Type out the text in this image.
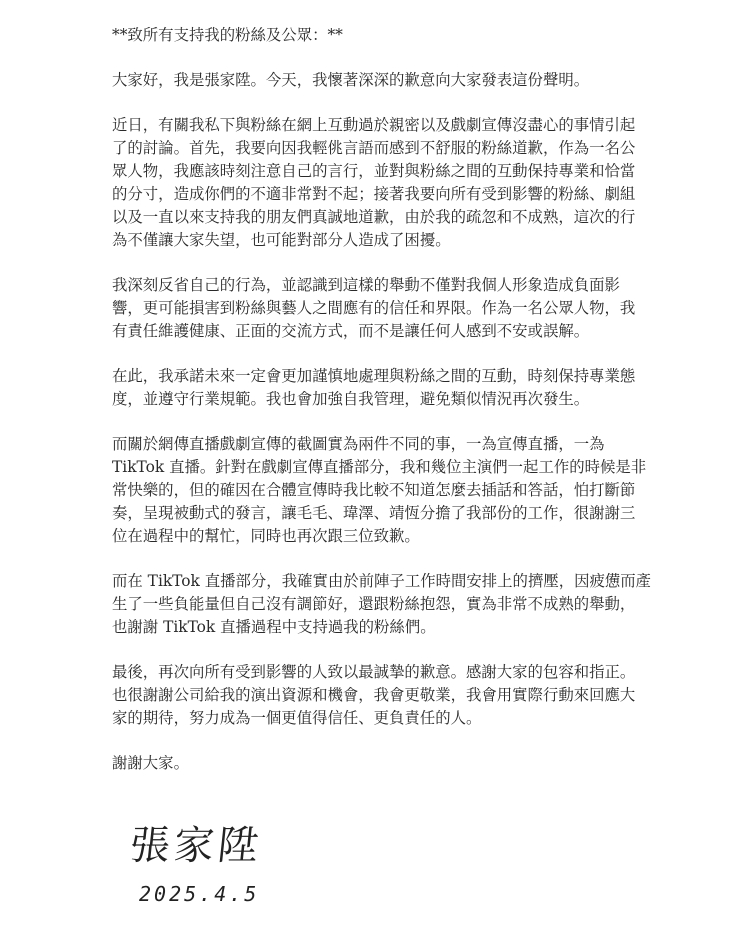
**致所有支持我的粉絲及公眾：**
大家好，我是張家陞。今天，我懷著深深的歉意向大家發表這份聲明。
近日，有關我私下與粉絲在網上互動過於親密以及戲劇宣傳沒盡心的事情引起
了的討論。首先，我要向因我輕佻言語而感到不舒服的粉絲道歉，作為一名公
眾人物，我應該時刻注意自己的言行，並對與粉絲之間的互動保持專業和恰當
的分寸，造成你們的不適非常對不起；接著我要向所有受到影響的粉絲、劇組
以及一直以來支持我的朋友們真誠地道歉，由於我的疏忽和不成熟，這次的行
為不僅讓大家失望，也可能對部分人造成了困擾。
我深刻反省自己的行為，並認識到這樣的舉動不僅對我個人形象造成負面影
響，更可能損害到粉絲與藝人之間應有的信任和界限。作為一名公眾人物，我
有責任維護健康、正面的交流方式，而不是讓任何人感到不安或誤解。
在此，我承諾未來一定會更加謹慎地處理與粉絲之間的互動，時刻保持專業態
度，並遵守行業規範。我也會加強自我管理，避免類似情況再次發生。
而關於網傳直播戲劇宣傳的截圖實為兩件不同的事，一為宣傳直播，一為
TikTok 直播。針對在戲劇宣傳直播部分，我和幾位主演們一起工作的時候是非
常快樂的，但的確因在合體宣傳時我比較不知道怎麼去插話和答話，怕打斷節
奏，呈現被動式的發言，讓毛毛、瑋澤、靖恆分擔了我部份的工作，很謝謝三
位在過程中的幫忙，同時也再次跟三位致歉。
而在 TikTok 直播部分，我確實由於前陣子工作時間安排上的擠壓，因疲憊而產
生了一些負能量但自己沒有調節好，還跟粉絲抱怨，實為非常不成熟的舉動，
也謝謝 TikTok 直播過程中支持過我的粉絲們。
最後，再次向所有受到影響的人致以最誠摯的歉意。感謝大家的包容和指正。
也很謝謝公司給我的演出資源和機會，我會更敬業，我會用實際行動來回應大
家的期待，努力成為一個更值得信任、更負責任的人。
謝謝大家。
張家陞
2025.4.5
